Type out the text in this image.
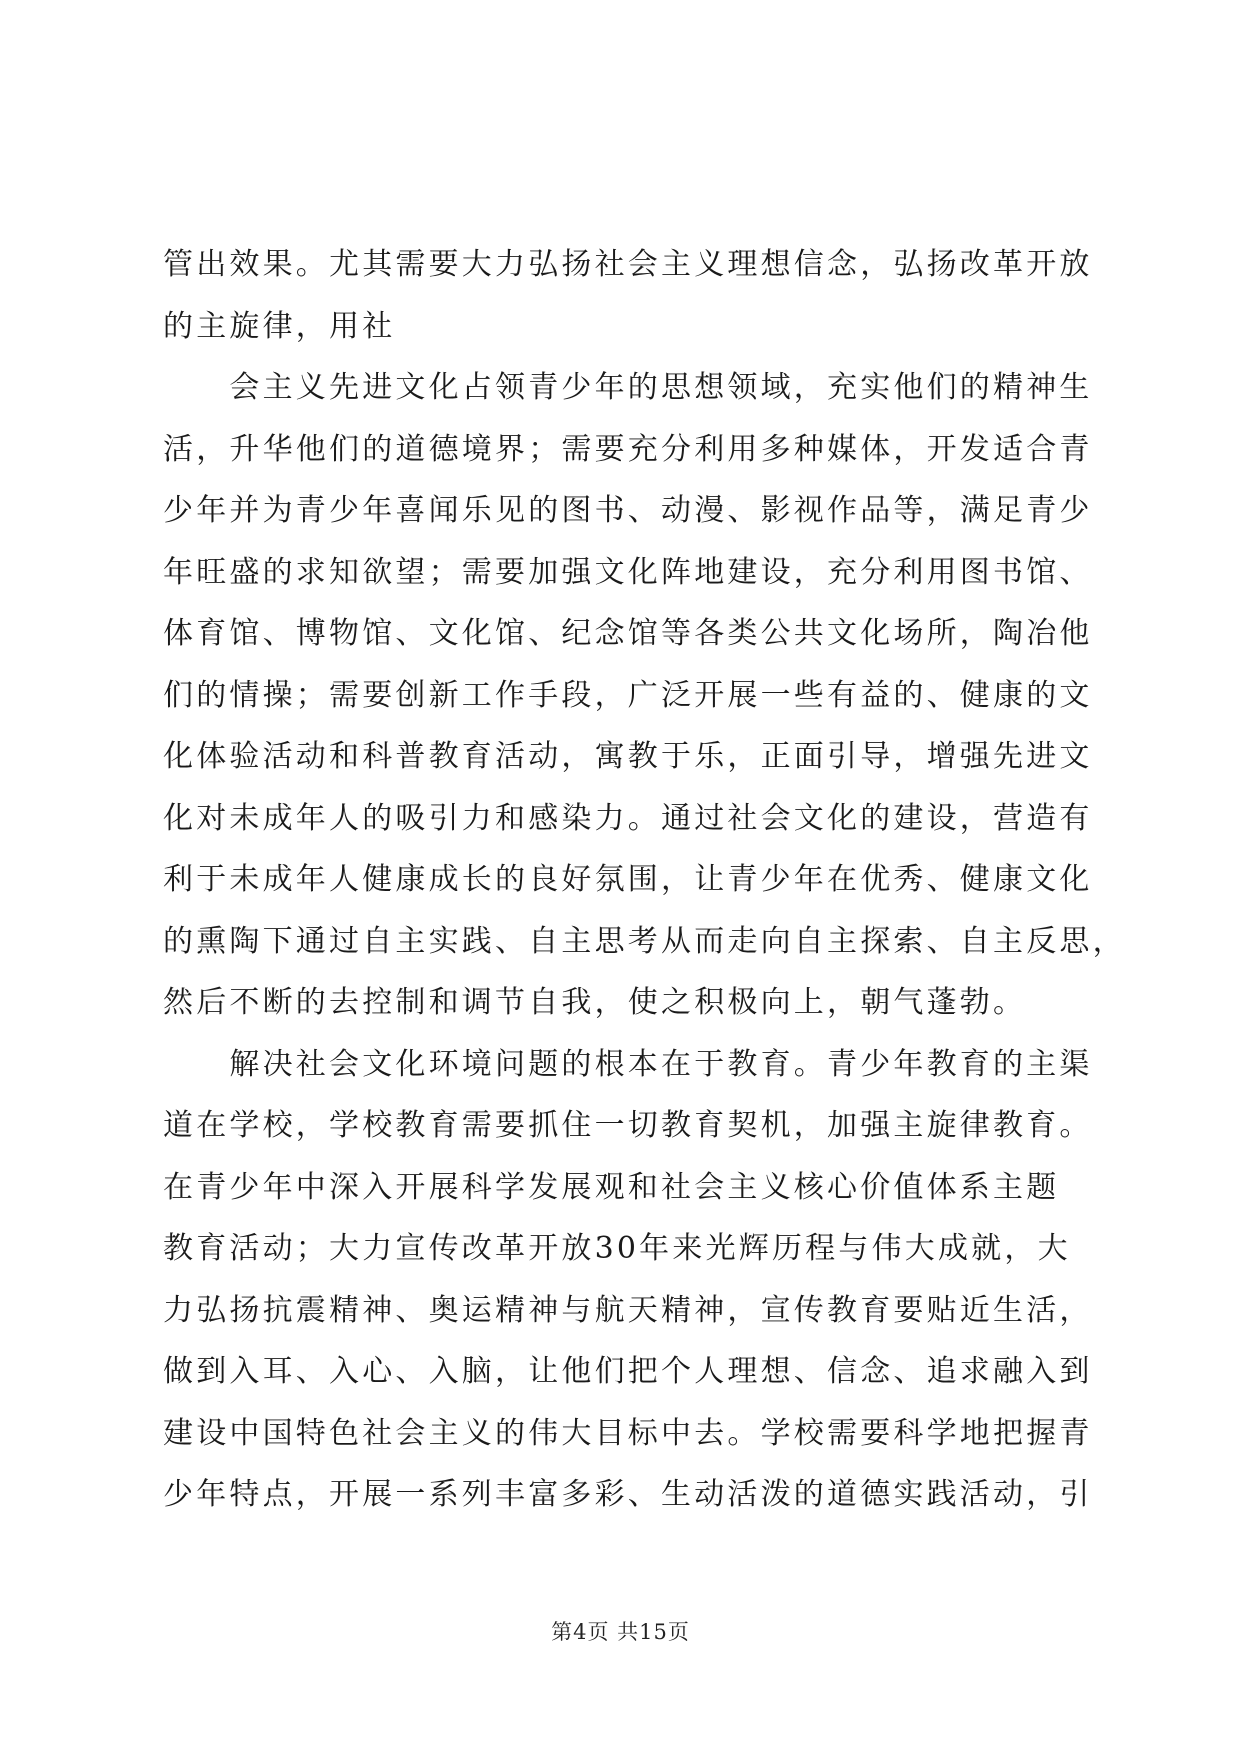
管出效果。尤其需要大力弘扬社会主义理想信念，弘扬改革开放
的主旋律，用社
　　会主义先进文化占领青少年的思想领域，充实他们的精神生
活，升华他们的道德境界；需要充分利用多种媒体，开发适合青
少年并为青少年喜闻乐见的图书、动漫、影视作品等，满足青少
年旺盛的求知欲望；需要加强文化阵地建设，充分利用图书馆、
体育馆、博物馆、文化馆、纪念馆等各类公共文化场所，陶冶他
们的情操；需要创新工作手段，广泛开展一些有益的、健康的文
化体验活动和科普教育活动，寓教于乐，正面引导，增强先进文
化对未成年人的吸引力和感染力。通过社会文化的建设，营造有
利于未成年人健康成长的良好氛围，让青少年在优秀、健康文化
的熏陶下通过自主实践、自主思考从而走向自主探索、自主反思，
然后不断的去控制和调节自我，使之积极向上，朝气蓬勃。
　　解决社会文化环境问题的根本在于教育。青少年教育的主渠
道在学校，学校教育需要抓住一切教育契机，加强主旋律教育。
在青少年中深入开展科学发展观和社会主义核心价值体系主题
教育活动；大力宣传改革开放30年来光辉历程与伟大成就，大
力弘扬抗震精神、奥运精神与航天精神，宣传教育要贴近生活，
做到入耳、入心、入脑，让他们把个人理想、信念、追求融入到
建设中国特色社会主义的伟大目标中去。学校需要科学地把握青
少年特点，开展一系列丰富多彩、生动活泼的道德实践活动，引
第4页 共15页
